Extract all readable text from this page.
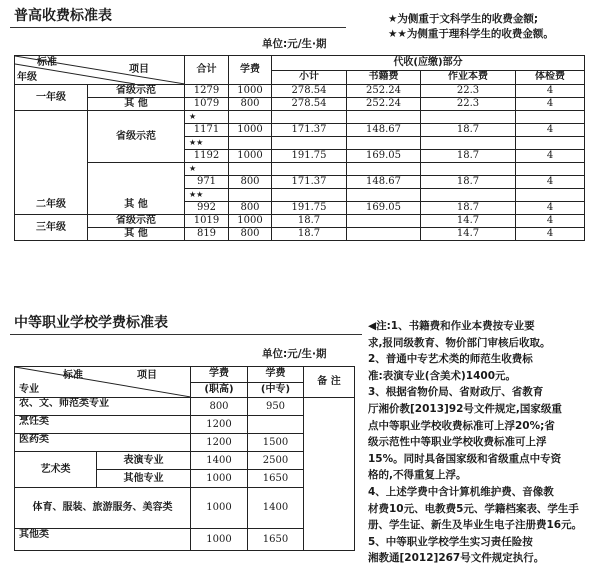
普高收费标准表	★为侧重于文科学生的收费金额;
★★为侧重于理科学生的收费金额。
单位:元/生·期
标准
项目
年级		合计	学费	代收(应缴)部分			
				小计	书籍费	作业本费	体检费
一年级	省级示范	1279	1000	278.54	252.24	22.3	4
	其 他	1079	800	278.54	252.24	22.3	4
二年级	省级示范	★					
		1171	1000	171.37	148.67	18.7	4
		★★					
		1192	1000	191.75	169.05	18.7	4
	其 他	★					
		971	800	171.37	148.67	18.7	4
		★★					
		992	800	191.75	169.05	18.7	4
三年级	省级示范	1019	1000	18.7		14.7	4
	其 他	819	800	18.7		14.7	4
中等职业学校学费标准表
单位:元/生·期
标准 项目
专业		学费	学费	备 注
		(职高)	(中专)	
农、文、师范类专业		800	950	
烹饪类		1200		
医药类		1200	1500	
艺术类	表演专业	1400	2500	
	其他专业	1000	1650	
体育、服装、旅游服务、美容类		1000	1400	
其他类		1000	1650	

◀注:1、书籍费和作业本费按专业要

求,报同级教育、物价部门审核后收取。

2、普通中专艺术类的师范生收费标

准:表演专业(含美术)1400元。

3、根据省物价局、省财政厅、省教育

厅湘价教[2013]92号文件规定,国家级重

点中等职业学校收费标准可上浮20%;省

级示范性中等职业学校收费标准可上浮

15%。同时具备国家级和省级重点中专资

格的,不得重复上浮。

4、上述学费中含计算机维护费、音像教

材费10元、电教费5元、学籍档案表、学生手

册、学生证、新生及毕业生电子注册费16元。

5、中等职业学校学生实习责任险按

湘教通[2012]267号文件规定执行。
